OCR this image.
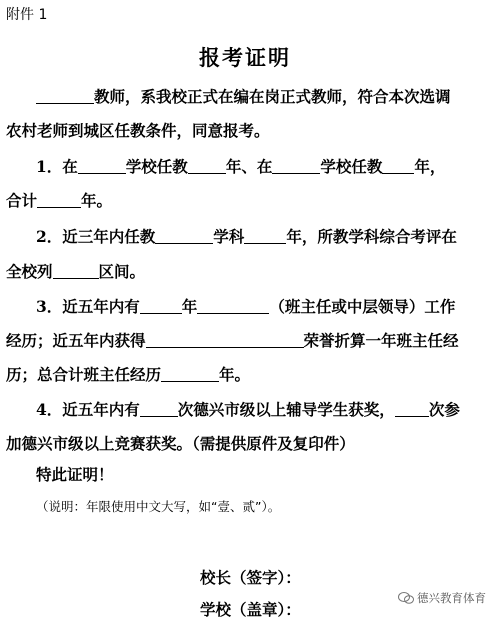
附件 1
报考证明
教师，系我校正式在编在岗正式教师，符合本次选调
农村老师到城区任教条件，同意报考。
1．在	学校任教 年、在	学校任教 年，
合计	年。
2．近三年内任教	学科	年，所教学科综合考评在
全校列	区间。
3．近五年内有	年	（班主任或中层领导）工作
经历；近五年内获得	荣誉折算一年班主任经
历；总合计班主任经历	年。
4．近五年内有 次德兴市级以上辅导学生获奖， 次参
加德兴市级以上竞赛获奖。（需提供原件及复印件）
特此证明！
（说明：年限使用中文大写，如“壹、贰”）。
校长（签字）：
学校（盖章）：
德兴教育体育
